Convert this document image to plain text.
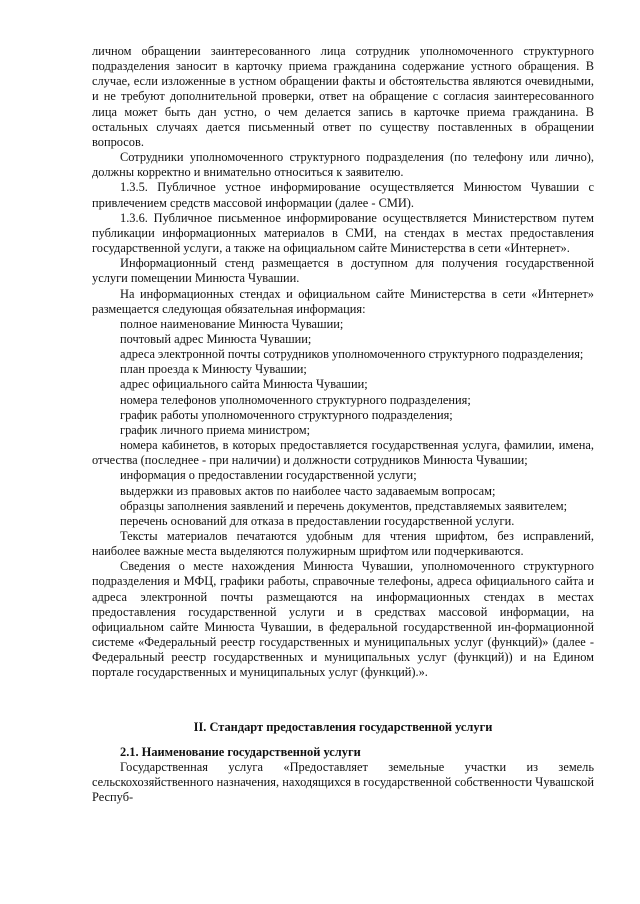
личном обращении заинтересованного лица сотрудник уполномоченного структурного подразделения заносит в карточку приема гражданина содержание устного обращения. В случае, если изложенные в устном обращении факты и обстоятельства являются очевидными, и не требуют дополнительной проверки, ответ на обращение с согласия заинтересованного лица может быть дан устно, о чем делается запись в карточке приема гражданина. В остальных случаях дается письменный ответ по существу поставленных в обращении вопросов.

Сотрудники уполномоченного структурного подразделения (по телефону или лично), должны корректно и внимательно относиться к заявителю.

1.3.5. Публичное устное информирование осуществляется Минюстом Чувашии с привлечением средств массовой информации (далее - СМИ).

1.3.6. Публичное письменное информирование осуществляется Министерством путем публикации информационных материалов в СМИ, на стендах в местах предоставления государственной услуги, а также на официальном сайте Министерства в сети «Интернет».

Информационный стенд размещается в доступном для получения государственной услуги помещении Минюста Чувашии.

На информационных стендах и официальном сайте Министерства в сети «Интернет» размещается следующая обязательная информация:

полное наименование Минюста Чувашии;

почтовый адрес Минюста Чувашии;

адреса электронной почты сотрудников уполномоченного структурного подразделения;

план проезда к Минюсту Чувашии;

адрес официального сайта Минюста Чувашии;

номера телефонов уполномоченного структурного подразделения;

график работы уполномоченного структурного подразделения;

график личного приема министром;

номера кабинетов, в которых предоставляется государственная услуга, фамилии, имена, отчества (последнее - при наличии) и должности сотрудников Минюста Чувашии;

информация о предоставлении государственной услуги;

выдержки из правовых актов по наиболее часто задаваемым вопросам;

образцы заполнения заявлений и перечень документов, представляемых заявителем;

перечень оснований для отказа в предоставлении государственной услуги.

Тексты материалов печатаются удобным для чтения шрифтом, без исправлений, наиболее важные места выделяются полужирным шрифтом или подчеркиваются.

Сведения о месте нахождения Минюста Чувашии, уполномоченного структурного подразделения и МФЦ, графики работы, справочные телефоны, адреса официального сайта и адреса электронной почты размещаются на информационных стендах в местах предоставления государственной услуги и в средствах массовой информации, на официальном сайте Минюста Чувашии, в федеральной государственной ин-формационной системе «Федеральный реестр государственных и муниципальных услуг (функций)» (далее - Федеральный реестр государственных и муниципальных услуг (функций)) и на Едином портале государственных и муниципальных услуг (функций).».

II. Стандарт предоставления государственной услуги

2.1. Наименование государственной услуги

Государственная услуга «Предоставляет земельные участки из земель сельскохозяйственного назначения, находящихся в государственной собственности Чувашской Респуб-
